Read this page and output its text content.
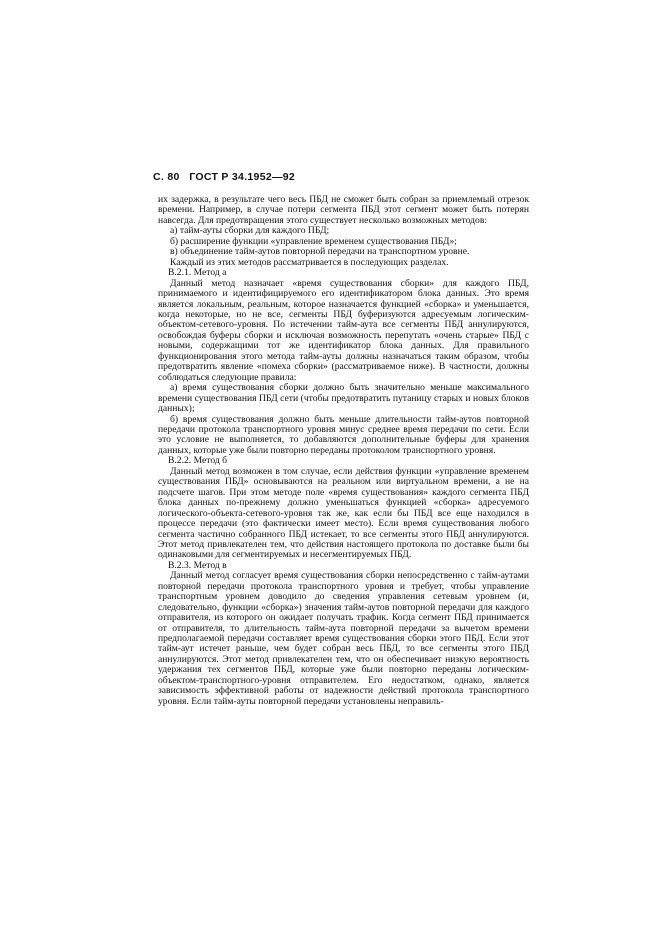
С. 80 ГОСТ Р 34.1952—92

их задержка, в результате чего весь ПБД не сможет быть собран за приемлемый отрезок времени. Например, в случае потери сегмента ПБД этот сегмент может быть потерян навсегда. Для предотвращения этого существует несколько возможных методов:

а) тайм-ауты сборки для каждого ПБД;

б) расширение функции «управление временем существования ПБД»;

в) объединение тайм-аутов повторной передачи на транспортном уровне.

Каждый из этих методов рассматривается в последующих разделах.

В.2.1. Метод а

Данный метод назначает «время существования сборки» для каждого ПБД, принимаемого и идентифицируемого его идентификатором блока данных. Это время является локальным, реальным, которое назначается функцией «сборка» и уменьшается, когда некоторые, но не все, сегменты ПБД буферизуются адресуемым логическим-объектом-сетевого-уровня. По истечении тайм-аута все сегменты ПБД аннулируются, освобождая буферы сборки и исключая возможность перепутать «очень старые» ПБД с новыми, содержащими тот же идентификатор блока данных. Для правильного функционирования этого метода тайм-ауты должны назначаться таким образом, чтобы предотвратить явление «помеха сборки» (рассматриваемое ниже). В частности, должны соблюдаться следующие правила:

а) время существования сборки должно быть значительно меньше максимального времени существования ПБД сети (чтобы предотвратить путаницу старых и новых блоков данных);

б) время существования должно быть меньше длительности тайм-аутов повторной передачи протокола транспортного уровня минус среднее время передачи по сети. Если это условие не выполняется, то добавляются дополнительные буферы для хранения данных, которые уже были повторно переданы протоколом транспортного уровня.

В.2.2. Метод б

Данный метод возможен в том случае, если действия функции «управление временем существования ПБД» основываются на реальном или виртуальном времени, а не на подсчете шагов. При этом методе поле «время существования» каждого сегмента ПБД блока данных по-прежнему должно уменьшаться функцией «сборка» адресуемого логического-объекта-сетевого-уровня так же, как если бы ПБД все еще находился в процессе передачи (это фактически имеет место). Если время существования любого сегмента частично собранного ПБД истекает, то все сегменты этого ПБД аннулируются. Этот метод привлекателен тем, что действия настоящего протокола по доставке были бы одинаковыми для сегментируемых и несегментируемых ПБД.

В.2.3. Метод в

Данный метод согласует время существования сборки непосредственно с тайм-аутами повторной передачи протокола транспортного уровня и требует, чтобы управление транспортным уровнем доводило до сведения управления сетевым уровнем (и, следовательно, функции «сборка») значения тайм-аутов повторной передачи для каждого отправителя, из которого он ожидает получать трафик. Когда сегмент ПБД принимается от отправителя, то длительность тайм-аута повторной передачи за вычетом времени предполагаемой передачи составляет время существования сборки этого ПБД. Если этот тайм-аут истечет раньше, чем будет собран весь ПБД, то все сегменты этого ПБД аннулируются. Этот метод привлекателен тем, что он обеспечивает низкую вероятность удержания тех сегментов ПБД, которые уже были повторно переданы логическим-объектом-транспортного-уровня отправителем. Его недостатком, однако, является зависимость эффективной работы от надежности действий протокола транспортного уровня. Если тайм-ауты повторной передачи установлены неправиль-
